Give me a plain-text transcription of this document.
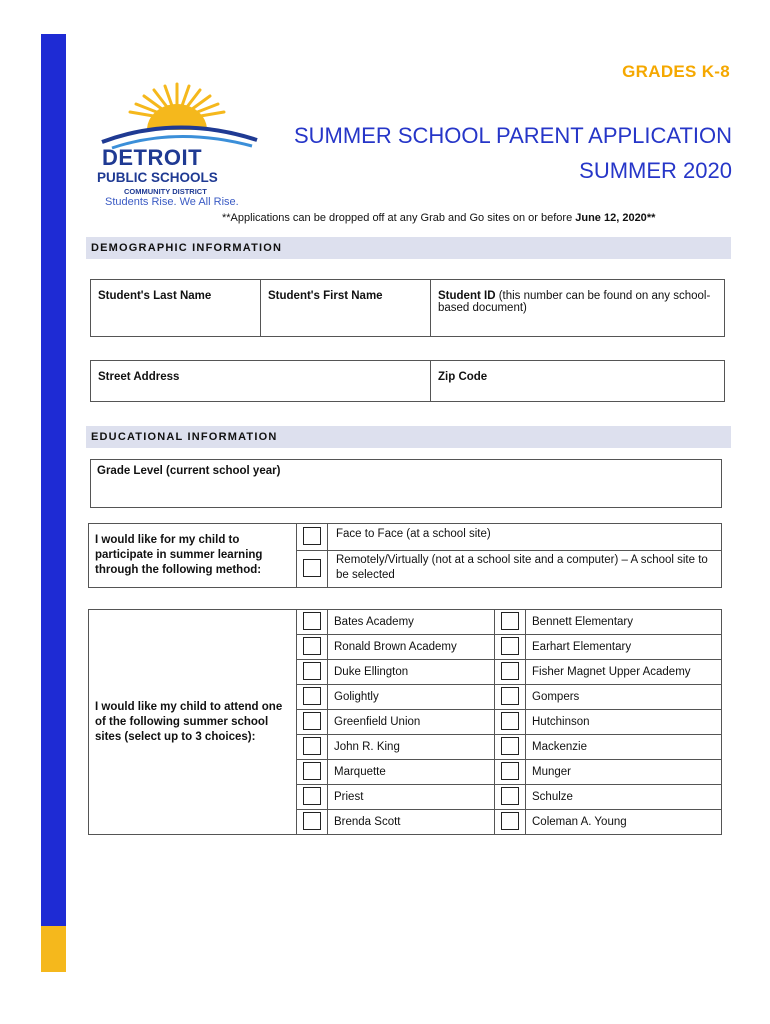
DETROIT
PUBLIC SCHOOLS
COMMUNITY DISTRICT
Students Rise. We All Rise.
GRADES K-8
SUMMER SCHOOL PARENT APPLICATION
SUMMER 2020
**Applications can be dropped off at any Grab and Go sites on or before June 12, 2020**
DEMOGRAPHIC INFORMATION
Student's Last Name	Student's First Name	Student ID (this number can be found on any school-based document)
Street Address	Zip Code
EDUCATIONAL INFORMATION
Grade Level (current school year)
I would like for my child to participate in summer learning through the following method:		Face to Face (at a school site)
		Remotely/Virtually (not at a school site and a computer) – A school site to be selected
I would like my child to attend one of the following summer school sites (select up to 3 choices):		Bates Academy		Bennett Elementary
		Ronald Brown Academy		Earhart Elementary
		Duke Ellington		Fisher Magnet Upper Academy
		Golightly		Gompers
		Greenfield Union		Hutchinson
		John R. King		Mackenzie
		Marquette		Munger
		Priest		Schulze
		Brenda Scott		Coleman A. Young
